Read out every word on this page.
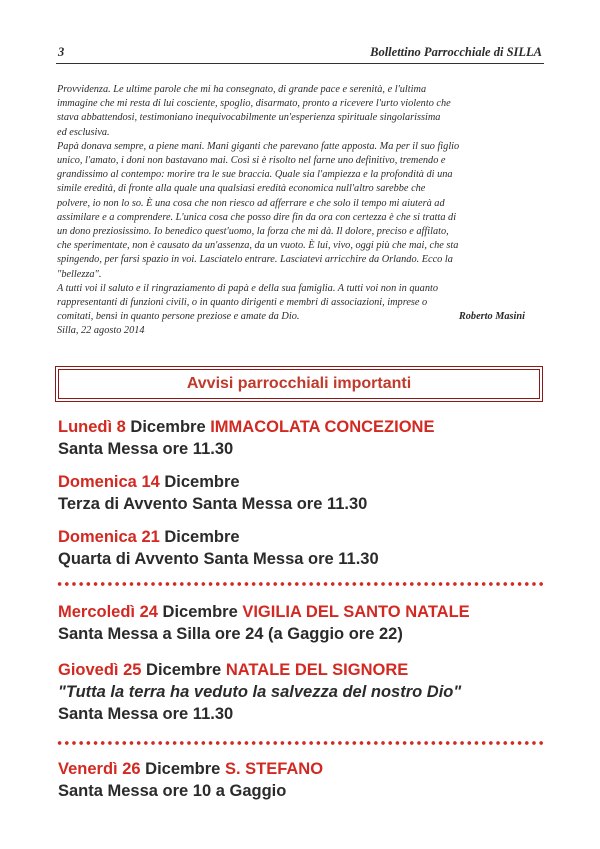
3	Bollettino Parrocchiale di SILLA
Provvidenza. Le ultime parole che mi ha consegnato, di grande pace e serenità, e l'ultima
immagine che mi resta di lui cosciente, spoglio, disarmato, pronto a ricevere l'urto violento che
stava abbattendosi, testimoniano inequivocabilmente un'esperienza spirituale singolarissima
ed esclusiva.
Papà donava sempre, a piene mani. Mani giganti che parevano fatte apposta. Ma per il suo figlio
unico, l'amato, i doni non bastavano mai. Così si è risolto nel farne uno definitivo, tremendo e
grandissimo al contempo: morire tra le sue braccia. Quale sia l'ampiezza e la profondità di una
simile eredità, di fronte alla quale una qualsiasi eredità economica null'altro sarebbe che
polvere, io non lo so. È una cosa che non riesco ad afferrare e che solo il tempo mi aiuterà ad
assimilare e a comprendere. L'unica cosa che posso dire fin da ora con certezza è che si tratta di
un dono preziosissimo. Io benedico quest'uomo, la forza che mi dà. Il dolore, preciso e affilato,
che sperimentate, non è causato da un'assenza, da un vuoto. È lui, vivo, oggi più che mai, che sta
spingendo, per farsi spazio in voi. Lasciatelo entrare. Lasciatevi arricchire da Orlando. Ecco la
"bellezza".
A tutti voi il saluto e il ringraziamento di papà e della sua famiglia. A tutti voi non in quanto
rappresentanti di funzioni civili, o in quanto dirigenti e membri di associazioni, imprese o
comitati, bensì in quanto persone preziose e amate da Dio.	Roberto Masini
Silla, 22 agosto 2014
Avvisi parrocchiali importanti
Lunedì 8 Dicembre IMMACOLATA CONCEZIONE
Santa Messa ore 11.30
Domenica 14 Dicembre
Terza di Avvento Santa Messa ore 11.30
Domenica 21 Dicembre
Quarta di Avvento Santa Messa ore 11.30
Mercoledì 24 Dicembre VIGILIA DEL SANTO NATALE
Santa Messa a Silla ore 24 (a Gaggio ore 22)
Giovedì 25 Dicembre NATALE DEL SIGNORE
"Tutta la terra ha veduto la salvezza del nostro Dio"
Santa Messa ore 11.30
Venerdì 26 Dicembre S. STEFANO
Santa Messa ore 10 a Gaggio
